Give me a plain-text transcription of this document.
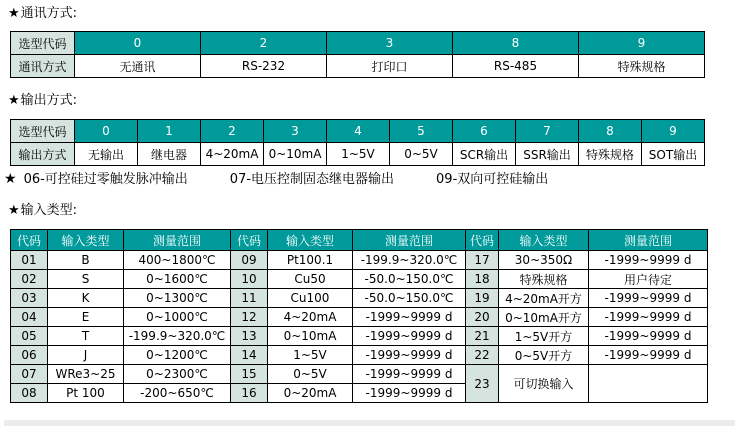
★通讯方式:
选型代码	0	2	3	8	9
通讯方式	无通讯	RS-232	打印口	RS-485	特殊规格
★输出方式:
选型代码	0	1	2	3	4	5	6	7	8	9
输出方式	无输出	继电器	4~20mA	0~10mA	1~5V	0~5V	SCR输出	SSR输出	特殊规格	SOT输出
★ 06-可控硅过零触发脉冲输出	07-电压控制固态继电器输出	09-双向可控硅输出
★输入类型:
代码	输入类型	测量范围	代码	输入类型	测量范围	代码	输入类型	测量范围
01	B	400~1800℃	09	Pt100.1	-199.9~320.0℃	17	30~350Ω	-1999~9999 d
02	S	0~1600℃	10	Cu50	-50.0~150.0℃	18	特殊规格	用户待定
03	K	0~1300℃	11	Cu100	-50.0~150.0℃	19	4~20mA开方	-1999~9999 d
04	E	0~1000℃	12	4~20mA	-1999~9999 d	20	0~10mA开方	-1999~9999 d
05	T	-199.9~320.0℃	13	0~10mA	-1999~9999 d	21	1~5V开方	-1999~9999 d
06	J	0~1200℃	14	1~5V	-1999~9999 d	22	0~5V开方	-1999~9999 d
07	WRe3~25	0~2300℃	15	0~5V	-1999~9999 d	23	可切换输入	
08	Pt 100	-200~650℃	16	0~20mA	-1999~9999 d			
